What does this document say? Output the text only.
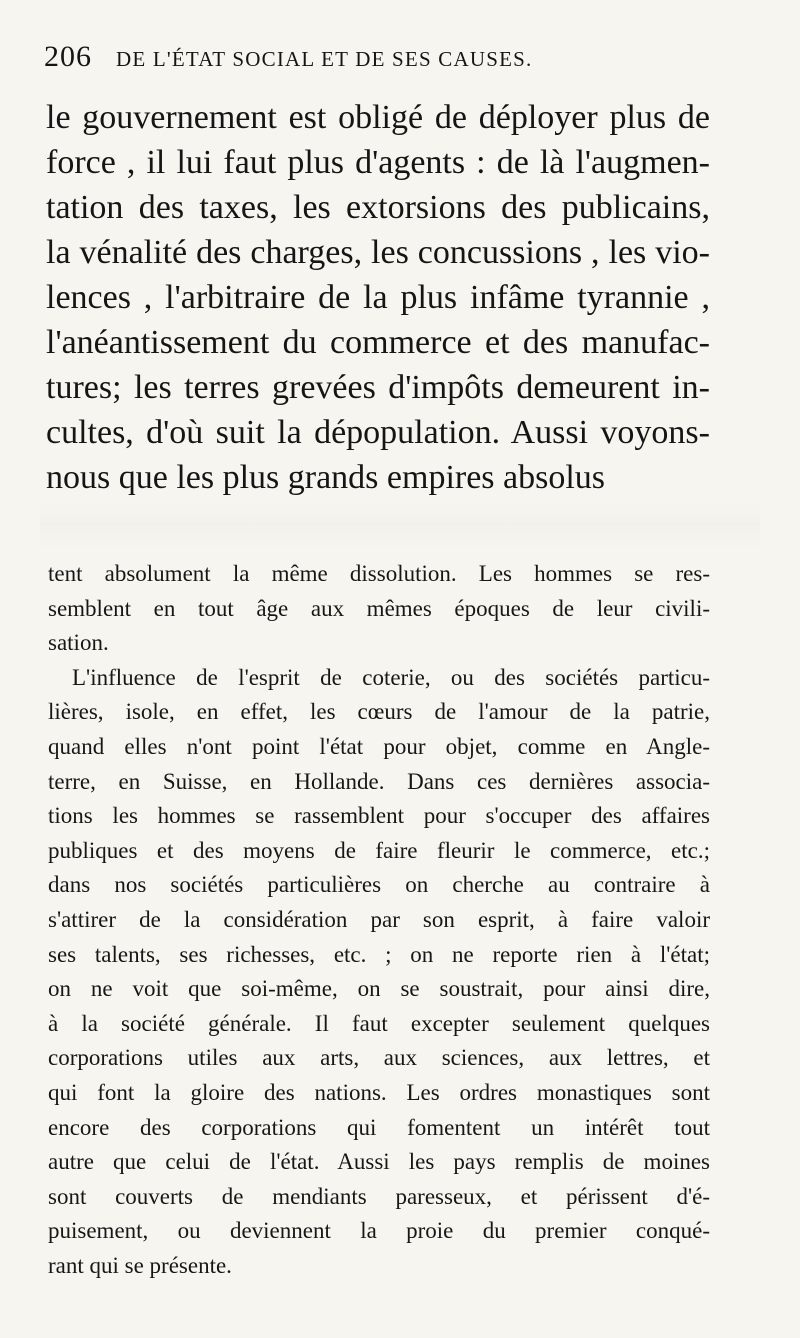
206 DE L'ÉTAT SOCIAL ET DE SES CAUSES.
le gouvernement est obligé de déployer plus de
force , il lui faut plus d'agents : de là l'augmen-
tation des taxes, les extorsions des publicains,
la vénalité des charges, les concussions , les vio-
lences , l'arbitraire de la plus infâme tyrannie ,
l'anéantissement du commerce et des manufac-
tures; les terres grevées d'impôts demeurent in-
cultes, d'où suit la dépopulation. Aussi voyons-
nous que les plus grands empires absolus
tent absolument la même dissolution. Les hommes se res-
semblent en tout âge aux mêmes époques de leur civili-
sation.
L'influence de l'esprit de coterie, ou des sociétés particu-
lières, isole, en effet, les cœurs de l'amour de la patrie,
quand elles n'ont point l'état pour objet, comme en Angle-
terre, en Suisse, en Hollande. Dans ces dernières associa-
tions les hommes se rassemblent pour s'occuper des affaires
publiques et des moyens de faire fleurir le commerce, etc.;
dans nos sociétés particulières on cherche au contraire à
s'attirer de la considération par son esprit, à faire valoir
ses talents, ses richesses, etc. ; on ne reporte rien à l'état;
on ne voit que soi-même, on se soustrait, pour ainsi dire,
à la société générale. Il faut excepter seulement quelques
corporations utiles aux arts, aux sciences, aux lettres, et
qui font la gloire des nations. Les ordres monastiques sont
encore des corporations qui fomentent un intérêt tout
autre que celui de l'état. Aussi les pays remplis de moines
sont couverts de mendiants paresseux, et périssent d'é-
puisement, ou deviennent la proie du premier conqué-
rant qui se présente.
